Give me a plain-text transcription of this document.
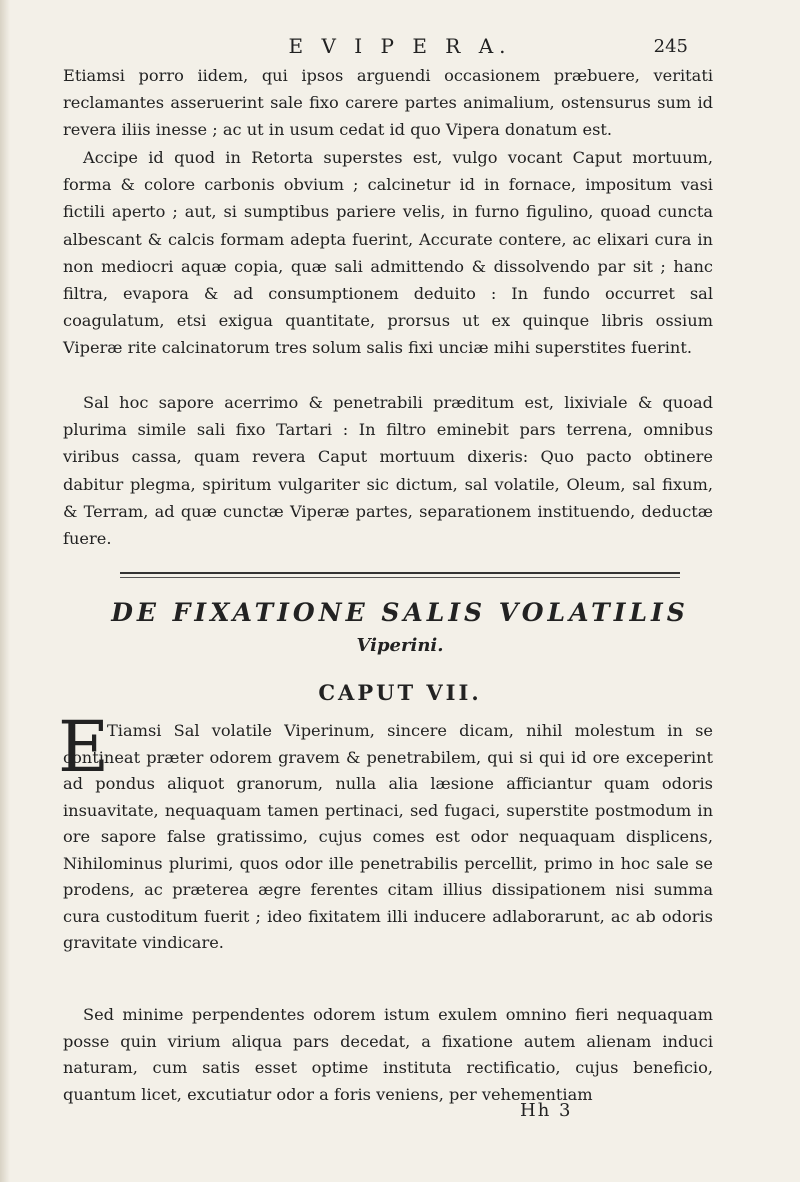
E V I P E R A.	245

Etiamsi porro iidem, qui ipsos arguendi occasionem præbuere, veritati reclamantes asseruerint sale fixo carere partes animalium, ostensurus sum id revera iliis inesse ; ac ut in usum cedat id quo Vipera donatum est.

Accipe id quod in Retorta superstes est, vulgo vocant Caput mortuum, forma & colore carbonis obvium ; calcinetur id in fornace, impositum vasi fictili aperto ; aut, si sumptibus pariere velis, in furno figulino, quoad cuncta albescant & calcis formam adepta fuerint, Accurate contere, ac elixari cura in non mediocri aquæ copia, quæ sali admittendo & dissolvendo par sit ; hanc filtra, evapora & ad consumptionem deduito : In fundo occurret sal coagulatum, etsi exigua quantitate, prorsus ut ex quinque libris ossium Viperæ rite calcinatorum tres solum salis fixi unciæ mihi superstites fuerint.

Sal hoc sapore acerrimo & penetrabili præditum est, lixiviale & quoad plurima simile sali fixo Tartari : In filtro eminebit pars terrena, omnibus viribus cassa, quam revera Caput mortuum dixeris: Quo pacto obtinere dabitur plegma, spiritum vulgariter sic dictum, sal volatile, Oleum, sal fixum, & Terram, ad quæ cunctæ Viperæ partes, separationem instituendo, deductæ fuere.

DE FIXATIONE SALIS VOLATILIS
Viperini.
CAPUT VII.
E

Tiamsi Sal volatile Viperinum, sincere dicam, nihil molestum in se contineat præter odorem gravem & penetrabilem, qui si qui id ore exceperint ad pondus aliquot granorum, nulla alia læsione afficiantur quam odoris insuavitate, nequaquam tamen pertinaci, sed fugaci, superstite postmodum in ore sapore false gratissimo, cujus comes est odor nequaquam displicens, Nihilominus plurimi, quos odor ille penetrabilis percellit, primo in hoc sale se prodens, ac præterea ægre ferentes citam illius dissipationem nisi summa cura custoditum fuerit ; ideo fixitatem illi inducere adlaborarunt, ac ab odoris gravitate vindicare.

Sed minime perpendentes odorem istum exulem omnino fieri nequaquam posse quin virium aliqua pars decedat, a fixatione autem alienam induci naturam, cum satis esset optime instituta rectificatio, cujus beneficio, quantum licet, excutiatur odor a foris veniens, per vehementiam

Hh 3
